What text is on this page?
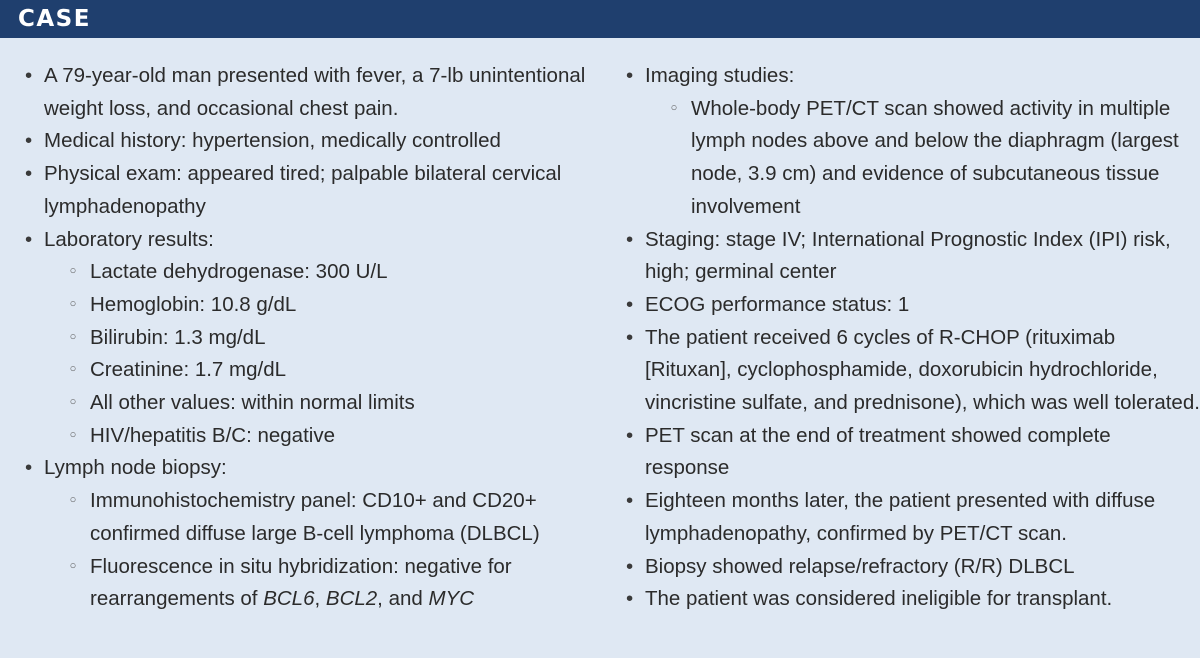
CASE
• A 79-year-old man presented with fever, a 7-lb unintentional weight loss, and occasional chest pain.
• Medical history: hypertension, medically controlled
• Physical exam: appeared tired; palpable bilateral cervical lymphadenopathy
• Laboratory results:
◦ Lactate dehydrogenase: 300 U/L
◦ Hemoglobin: 10.8 g/dL
◦ Bilirubin: 1.3 mg/dL
◦ Creatinine: 1.7 mg/dL
◦ All other values: within normal limits
◦ HIV/hepatitis B/C: negative
• Lymph node biopsy:
◦ Immunohistochemistry panel: CD10+ and CD20+ confirmed diffuse large B-cell lymphoma (DLBCL)
◦ Fluorescence in situ hybridization: negative for rearrangements of BCL6, BCL2, and MYC
• Imaging studies:
◦ Whole-body PET/CT scan showed activity in multiple lymph nodes above and below the diaphragm (largest node, 3.9 cm) and evidence of subcutaneous tissue involvement
• Staging: stage IV; International Prognostic Index (IPI) risk, high; germinal center
• ECOG performance status: 1
• The patient received 6 cycles of R-CHOP (rituximab [Rituxan], cyclophosphamide, doxorubicin hydrochloride, vincristine sulfate, and prednisone), which was well tolerated.
• PET scan at the end of treatment showed complete response
• Eighteen months later, the patient presented with diffuse lymphadenopathy, confirmed by PET/CT scan.
• Biopsy showed relapse/refractory (R/R) DLBCL
• The patient was considered ineligible for transplant.
